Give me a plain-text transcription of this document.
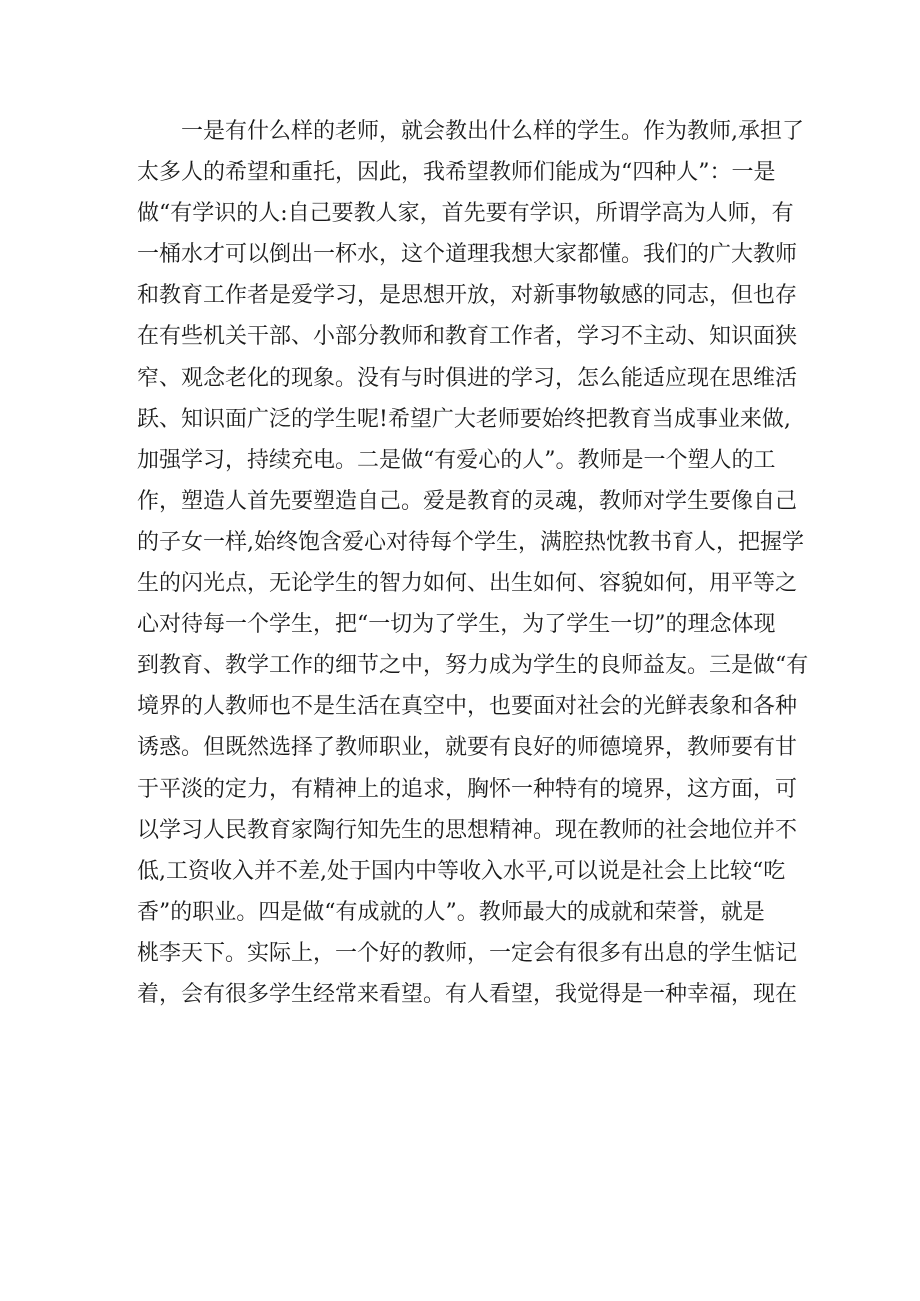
一是有什么样的老师，就会教出什么样的学生。作为教师,承担了
太多人的希望和重托，因此，我希望教师们能成为“四种人”：一是
做“有学识的人:自己要教人家，首先要有学识，所谓学高为人师，有
一桶水才可以倒出一杯水，这个道理我想大家都懂。我们的广大教师
和教育工作者是爱学习，是思想开放，对新事物敏感的同志，但也存
在有些机关干部、小部分教师和教育工作者，学习不主动、知识面狭
窄、观念老化的现象。没有与时俱进的学习，怎么能适应现在思维活
跃、知识面广泛的学生呢!希望广大老师要始终把教育当成事业来做,
加强学习，持续充电。二是做“有爱心的人”。教师是一个塑人的工
作，塑造人首先要塑造自己。爱是教育的灵魂，教师对学生要像自己
的子女一样,始终饱含爱心对待每个学生，满腔热忱教书育人，把握学
生的闪光点，无论学生的智力如何、出生如何、容貌如何，用平等之
心对待每一个学生，把“一切为了学生，为了学生一切”的理念体现
到教育、教学工作的细节之中，努力成为学生的良师益友。三是做“有
境界的人教师也不是生活在真空中，也要面对社会的光鲜表象和各种
诱惑。但既然选择了教师职业，就要有良好的师德境界，教师要有甘
于平淡的定力，有精神上的追求，胸怀一种特有的境界，这方面，可
以学习人民教育家陶行知先生的思想精神。现在教师的社会地位并不
低,工资收入并不差,处于国内中等收入水平,可以说是社会上比较“吃
香”的职业。四是做“有成就的人”。教师最大的成就和荣誉，就是
桃李天下。实际上，一个好的教师，一定会有很多有出息的学生惦记
着，会有很多学生经常来看望。有人看望，我觉得是一种幸福，现在
